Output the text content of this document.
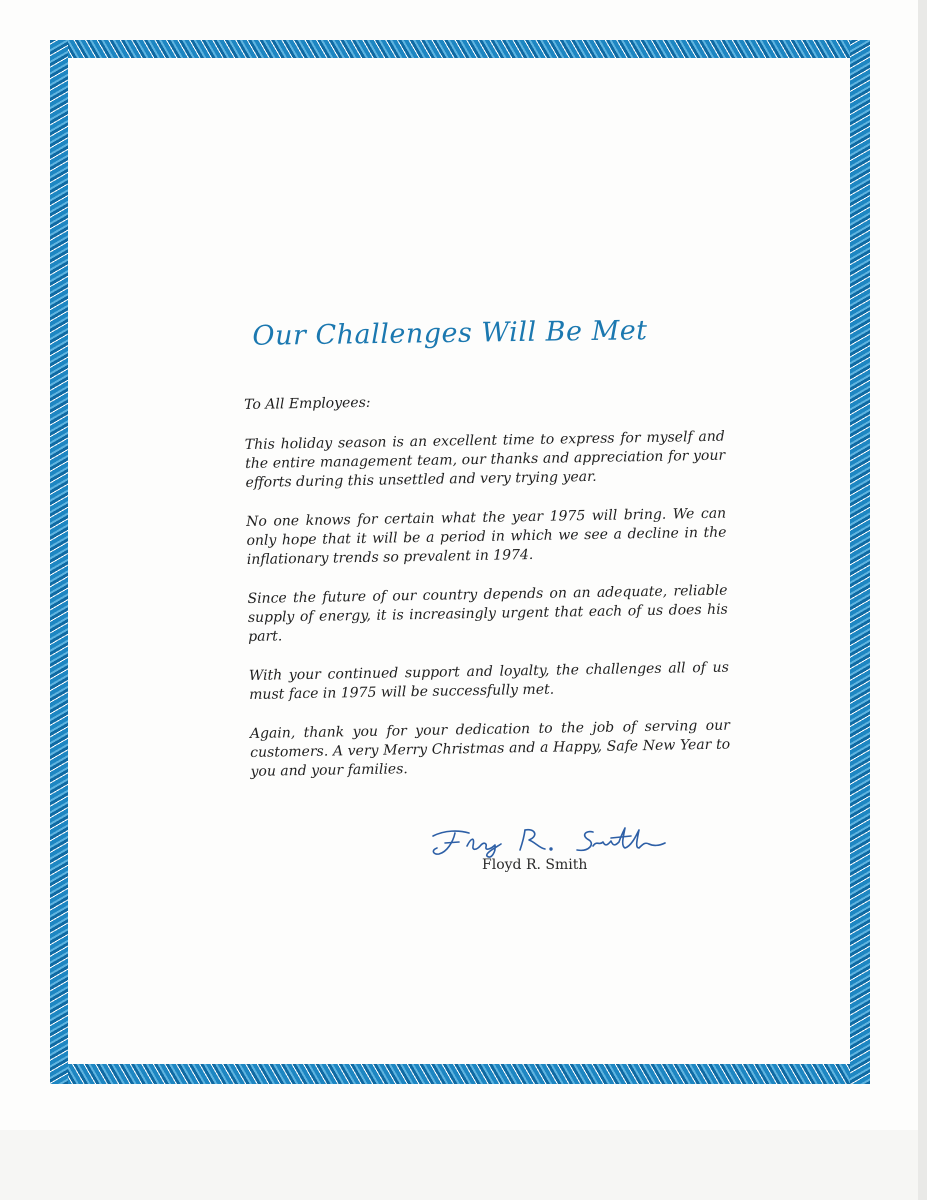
Our Challenges Will Be Met

To All Employees:

This holiday season is an excellent time to express for myself and the entire management team, our thanks and appreciation for your efforts during this unsettled and very trying year.

No one knows for certain what the year 1975 will bring. We can only hope that it will be a period in which we see a decline in the inflationary trends so prevalent in 1974.

Since the future of our country depends on an adequate, reliable supply of energy, it is increasingly urgent that each of us does his part.

With your continued support and loyalty, the challenges all of us must face in 1975 will be successfully met.

Again, thank you for your dedication to the job of serving our customers. A very Merry Christmas and a Happy, Safe New Year to you and your families.

Floyd R. Smith
